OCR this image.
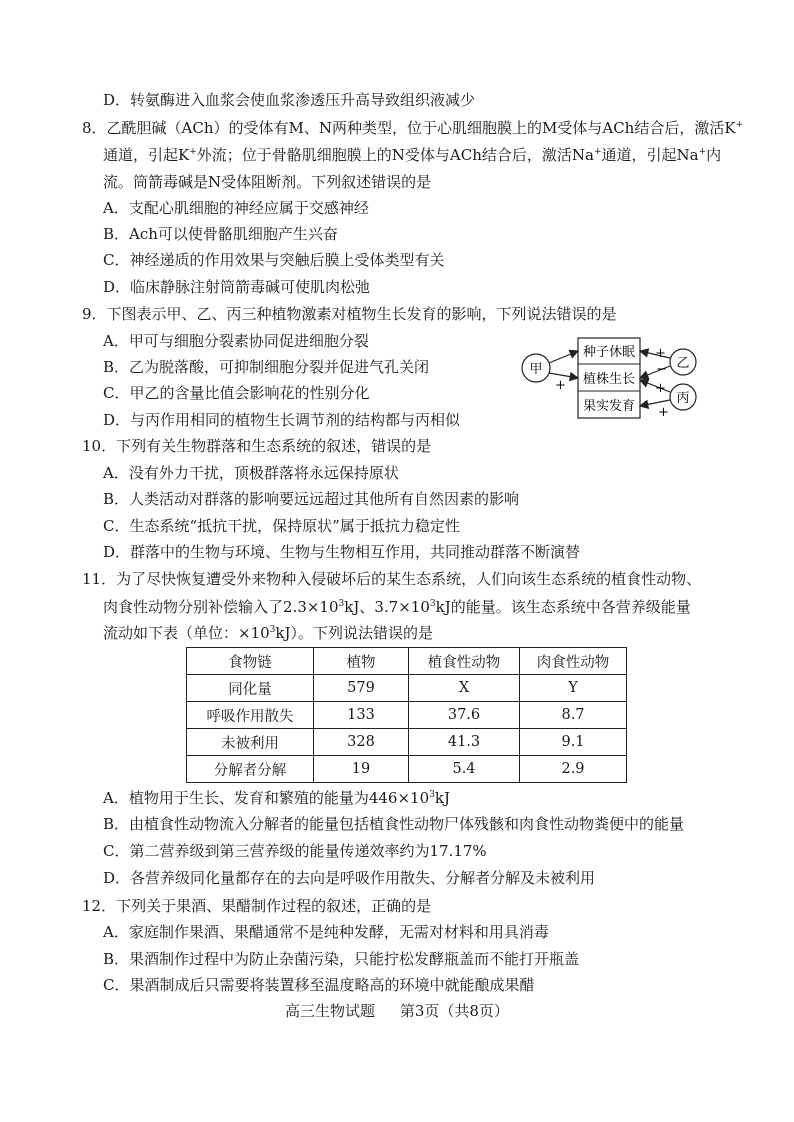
D．转氨酶进入血浆会使血浆渗透压升高导致组织液减少
8．乙酰胆碱（ACh）的受体有M、N两种类型，位于心肌细胞膜上的M受体与ACh结合后，激活K+
通道，引起K+外流；位于骨骼肌细胞膜上的N受体与ACh结合后，激活Na+通道，引起Na+内
流。筒箭毒碱是N受体阻断剂。下列叙述错误的是
A．支配心肌细胞的神经应属于交感神经
B．Ach可以使骨骼肌细胞产生兴奋
C．神经递质的作用效果与突触后膜上受体类型有关
D．临床静脉注射筒箭毒碱可使肌肉松弛
9．下图表示甲、乙、丙三种植物激素对植物生长发育的影响，下列说法错误的是
A．甲可与细胞分裂素协同促进细胞分裂
B．乙为脱落酸，可抑制细胞分裂并促进气孔关闭
C．甲乙的含量比值会影响花的性别分化
D．与丙作用相同的植物生长调节剂的结构都与丙相似
种子休眠
植株生长
果实发育
甲	乙
丙
+
+
−
+
+
10．下列有关生物群落和生态系统的叙述，错误的是
A．没有外力干扰，顶极群落将永远保持原状
B．人类活动对群落的影响要远远超过其他所有自然因素的影响
C．生态系统“抵抗干扰，保持原状”属于抵抗力稳定性
D．群落中的生物与环境、生物与生物相互作用，共同推动群落不断演替
11．为了尽快恢复遭受外来物种入侵破坏后的某生态系统，人们向该生态系统的植食性动物、
肉食性动物分别补偿输入了$2.3\times 10^3kJ$、$3.7\times 10^3kJ$的能量。该生态系统中各营养级能量
流动如下表（单位：$\times 10^3kJ$）。下列说法错误的是
食物链	植物	植食性动物	肉食性动物
同化量	579	X	Y
呼吸作用散失	133	37.6	8.7
未被利用	328	41.3	9.1
分解者分解	19	5.4	2.9
A．植物用于生长、发育和繁殖的能量为$446\times 10^3kJ$
B．由植食性动物流入分解者的能量包括植食性动物尸体残骸和肉食性动物粪便中的能量
C．第二营养级到第三营养级的能量传递效率约为17.17%
D．各营养级同化量都存在的去向是呼吸作用散失、分解者分解及未被利用
12．下列关于果酒、果醋制作过程的叙述，正确的是
A．家庭制作果酒、果醋通常不是纯种发酵，无需对材料和用具消毒
B．果酒制作过程中为防止杂菌污染，只能拧松发酵瓶盖而不能打开瓶盖
C．果酒制成后只需要将装置移至温度略高的环境中就能酿成果醋
高三生物试题 第3页（共8页）
